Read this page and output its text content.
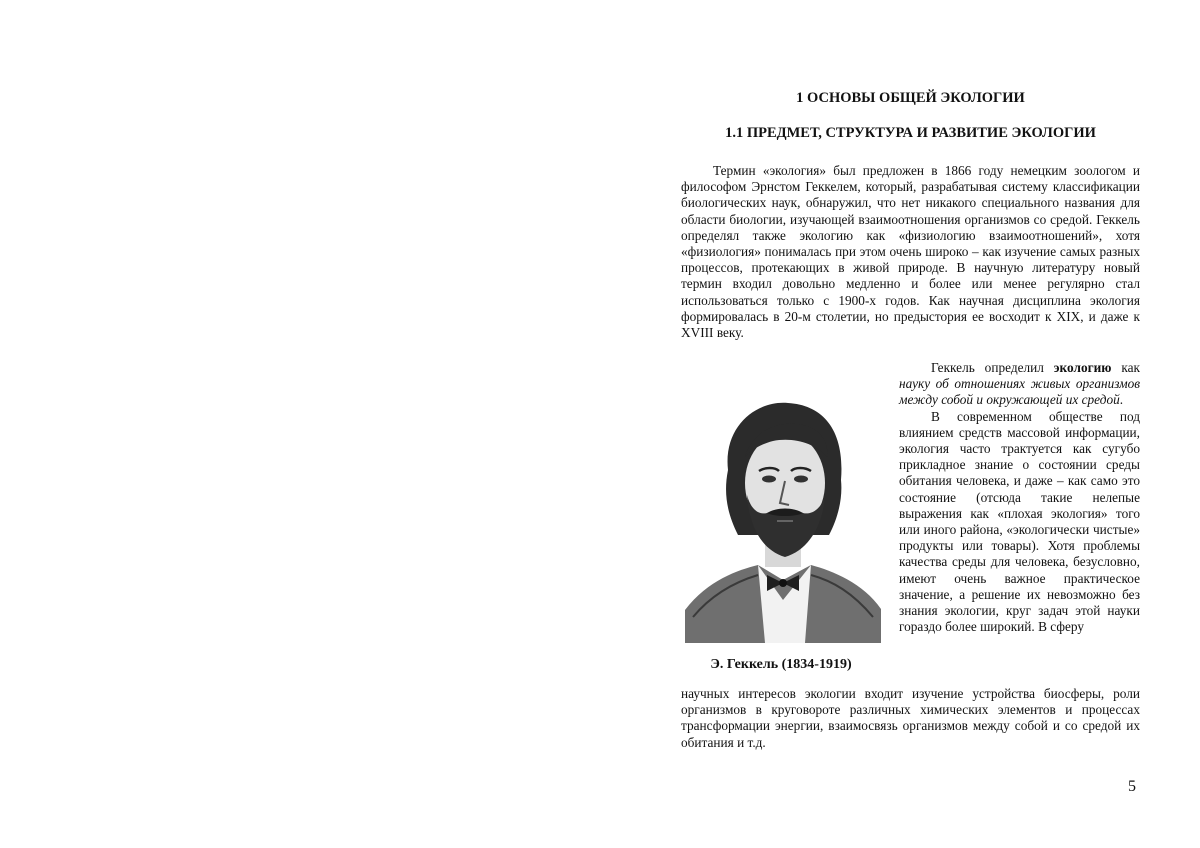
1 ОСНОВЫ ОБЩЕЙ ЭКОЛОГИИ
1.1 ПРЕДМЕТ, СТРУКТУРА И РАЗВИТИЕ ЭКОЛОГИИ
Термин «экология» был предложен в 1866 году немецким зоологом и философом Эрнстом Геккелем, который, разрабатывая систему классификации биологических наук, обнаружил, что нет никакого специального названия для области биологии, изучающей взаимоотношения организмов со средой. Геккель определял также экологию как «физиологию взаимоотношений», хотя «физиология» понималась при этом очень широко – как изучение самых разных процессов, протекающих в живой природе. В научную литературу новый термин входил довольно медленно и более или менее регулярно стал использоваться только с 1900-х годов. Как научная дисциплина экология формировалась в 20-м столетии, но предыстория ее восходит к XIX, и даже к XVIII веку.

Геккель определил экологию как науку об отношениях живых организмов между собой и окружающей их средой.

В современном обществе под влиянием средств массовой информации, экология часто трактуется как сугубо прикладное знание о состоянии среды обитания человека, и даже – как само это состояние (отсюда такие нелепые выражения как «плохая экология» того или иного района, «экологически чистые» продукты или товары). Хотя проблемы качества среды для человека, безусловно, имеют очень важное практическое значение, а решение их невозможно без знания экологии, круг задач этой науки гораздо более широкий. В сферу

научных интересов экологии входит изучение устройства биосферы, роли организмов в круговороте различных химических элементов и процессах трансформации энергии, взаимосвязь организмов между собой и со средой их обитания и т.д.
Э. Геккель (1834-1919)
5
